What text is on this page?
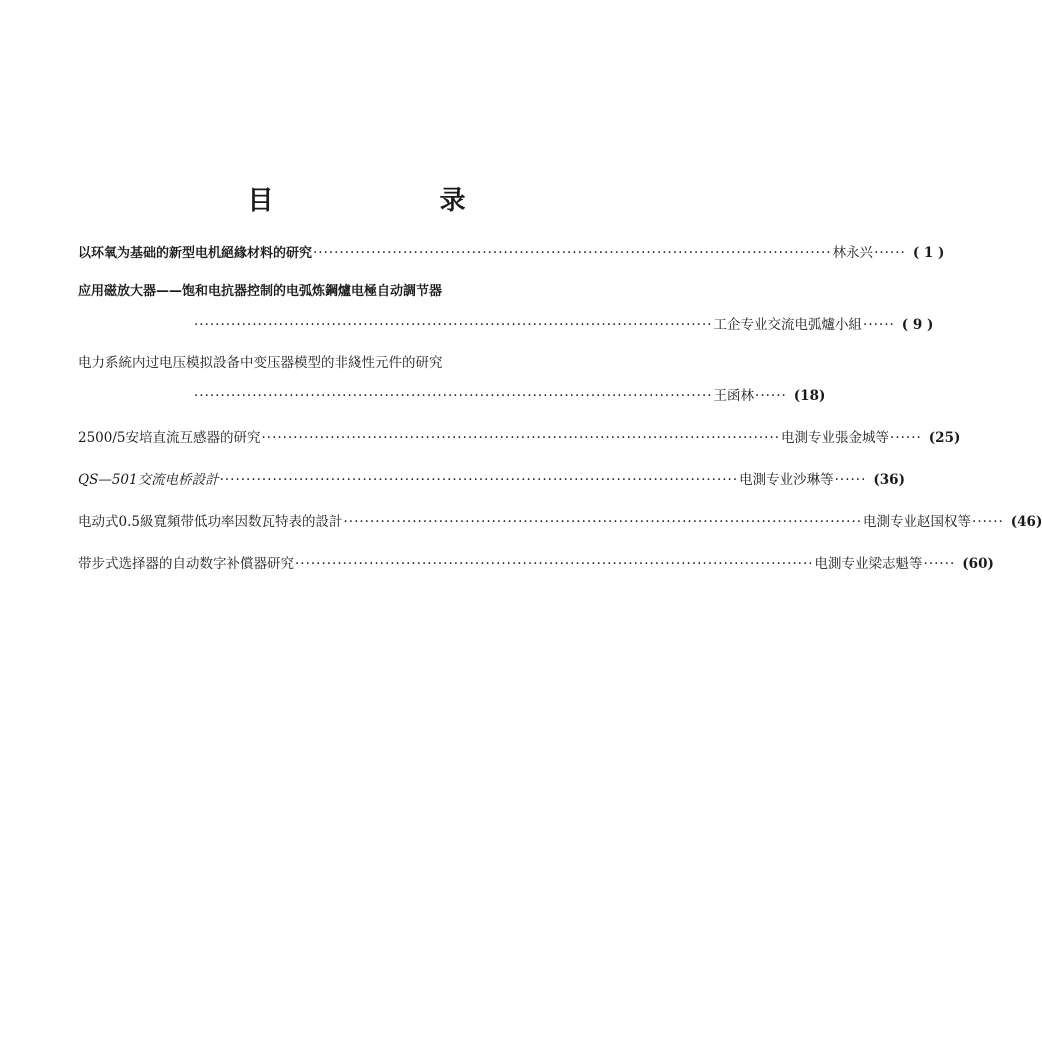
目　录
以环氧为基础的新型电机絕緣材料的研究 ·································································································· 林永兴 ······ ( 1 )
应用磁放大器——饱和电抗器控制的电弧炼鋼爐电極自动調节器
·································································································· 工企专业交流电弧爐小組 ······ ( 9 )
电力系統内过电压模拟設备中变压器模型的非綫性元件的研究
·································································································· 王函林 ······ (18)
2500/5安培直流互感器的研究 ·································································································· 电測专业張金城等 ······ (25)
QS—501交流电桥設計 ·································································································· 电測专业沙琳等 ······ (36)
电动式0.5級寬頻带低功率因数瓦特表的設計 ·································································································· 电測专业赵国权等 ······ (46)
带步式选择器的自动数字补償器研究 ·································································································· 电測专业梁志魁等 ······ (60)
